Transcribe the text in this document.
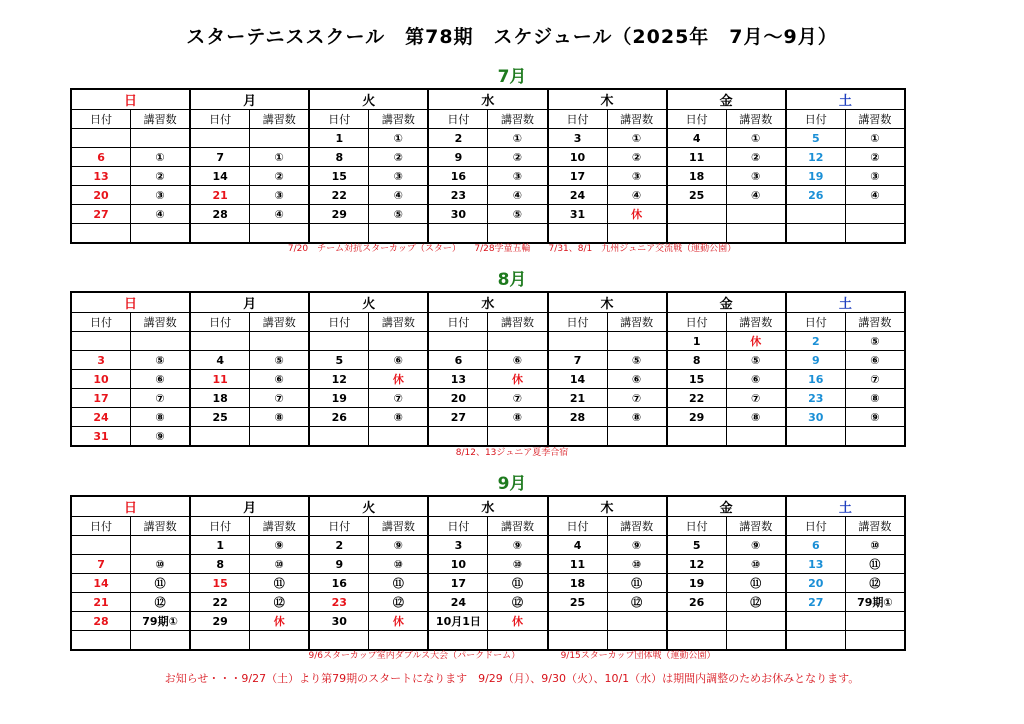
スターテニススクール　第78期　スケジュール（2025年　7月～9月）
7月
日		月		火		水		木		金		土	
日付	講習数	日付	講習数	日付	講習数	日付	講習数	日付	講習数	日付	講習数	日付	講習数
				1	①	2	①	3	①	4	①	5	①
6	①	7	①	8	②	9	②	10	②	11	②	12	②
13	②	14	②	15	③	16	③	17	③	18	③	19	③
20	③	21	③	22	④	23	④	24	④	25	④	26	④
27	④	28	④	29	⑤	30	⑤	31	休				

7/20　チーム対抗スターカップ（スター）　　7/28学童五輪　　7/31、8/1　九州ジュニア交流戦（運動公園）
8月
日		月		火		水		木		金		土	
日付	講習数	日付	講習数	日付	講習数	日付	講習数	日付	講習数	日付	講習数	日付	講習数
										1	休	2	⑤
3	⑤	4	⑤	5	⑥	6	⑥	7	⑤	8	⑤	9	⑥
10	⑥	11	⑥	12	休	13	休	14	⑥	15	⑥	16	⑦
17	⑦	18	⑦	19	⑦	20	⑦	21	⑦	22	⑦	23	⑧
24	⑧	25	⑧	26	⑧	27	⑧	28	⑧	29	⑧	30	⑨
31	⑨												
8/12、13ジュニア夏季合宿
9月
日		月		火		水		木		金		土	
日付	講習数	日付	講習数	日付	講習数	日付	講習数	日付	講習数	日付	講習数	日付	講習数
		1	⑨	2	⑨	3	⑨	4	⑨	5	⑨	6	⑩
7	⑩	8	⑩	9	⑩	10	⑩	11	⑩	12	⑩	13	⑪
14	⑪	15	⑪	16	⑪	17	⑪	18	⑪	19	⑪	20	⑫
21	⑫	22	⑫	23	⑫	24	⑫	25	⑫	26	⑫	27	79期①
28	79期①	29	休	30	休	10月1日	休						

9/6スターカップ室内ダブルス大会（パークドーム）　　　　　9/15スターカップ団体戦（運動公園）
お知らせ・・・9/27（土）より第79期のスタートになります　9/29（月）、9/30（火）、10/1（水）は期間内調整のためお休みとなります。
